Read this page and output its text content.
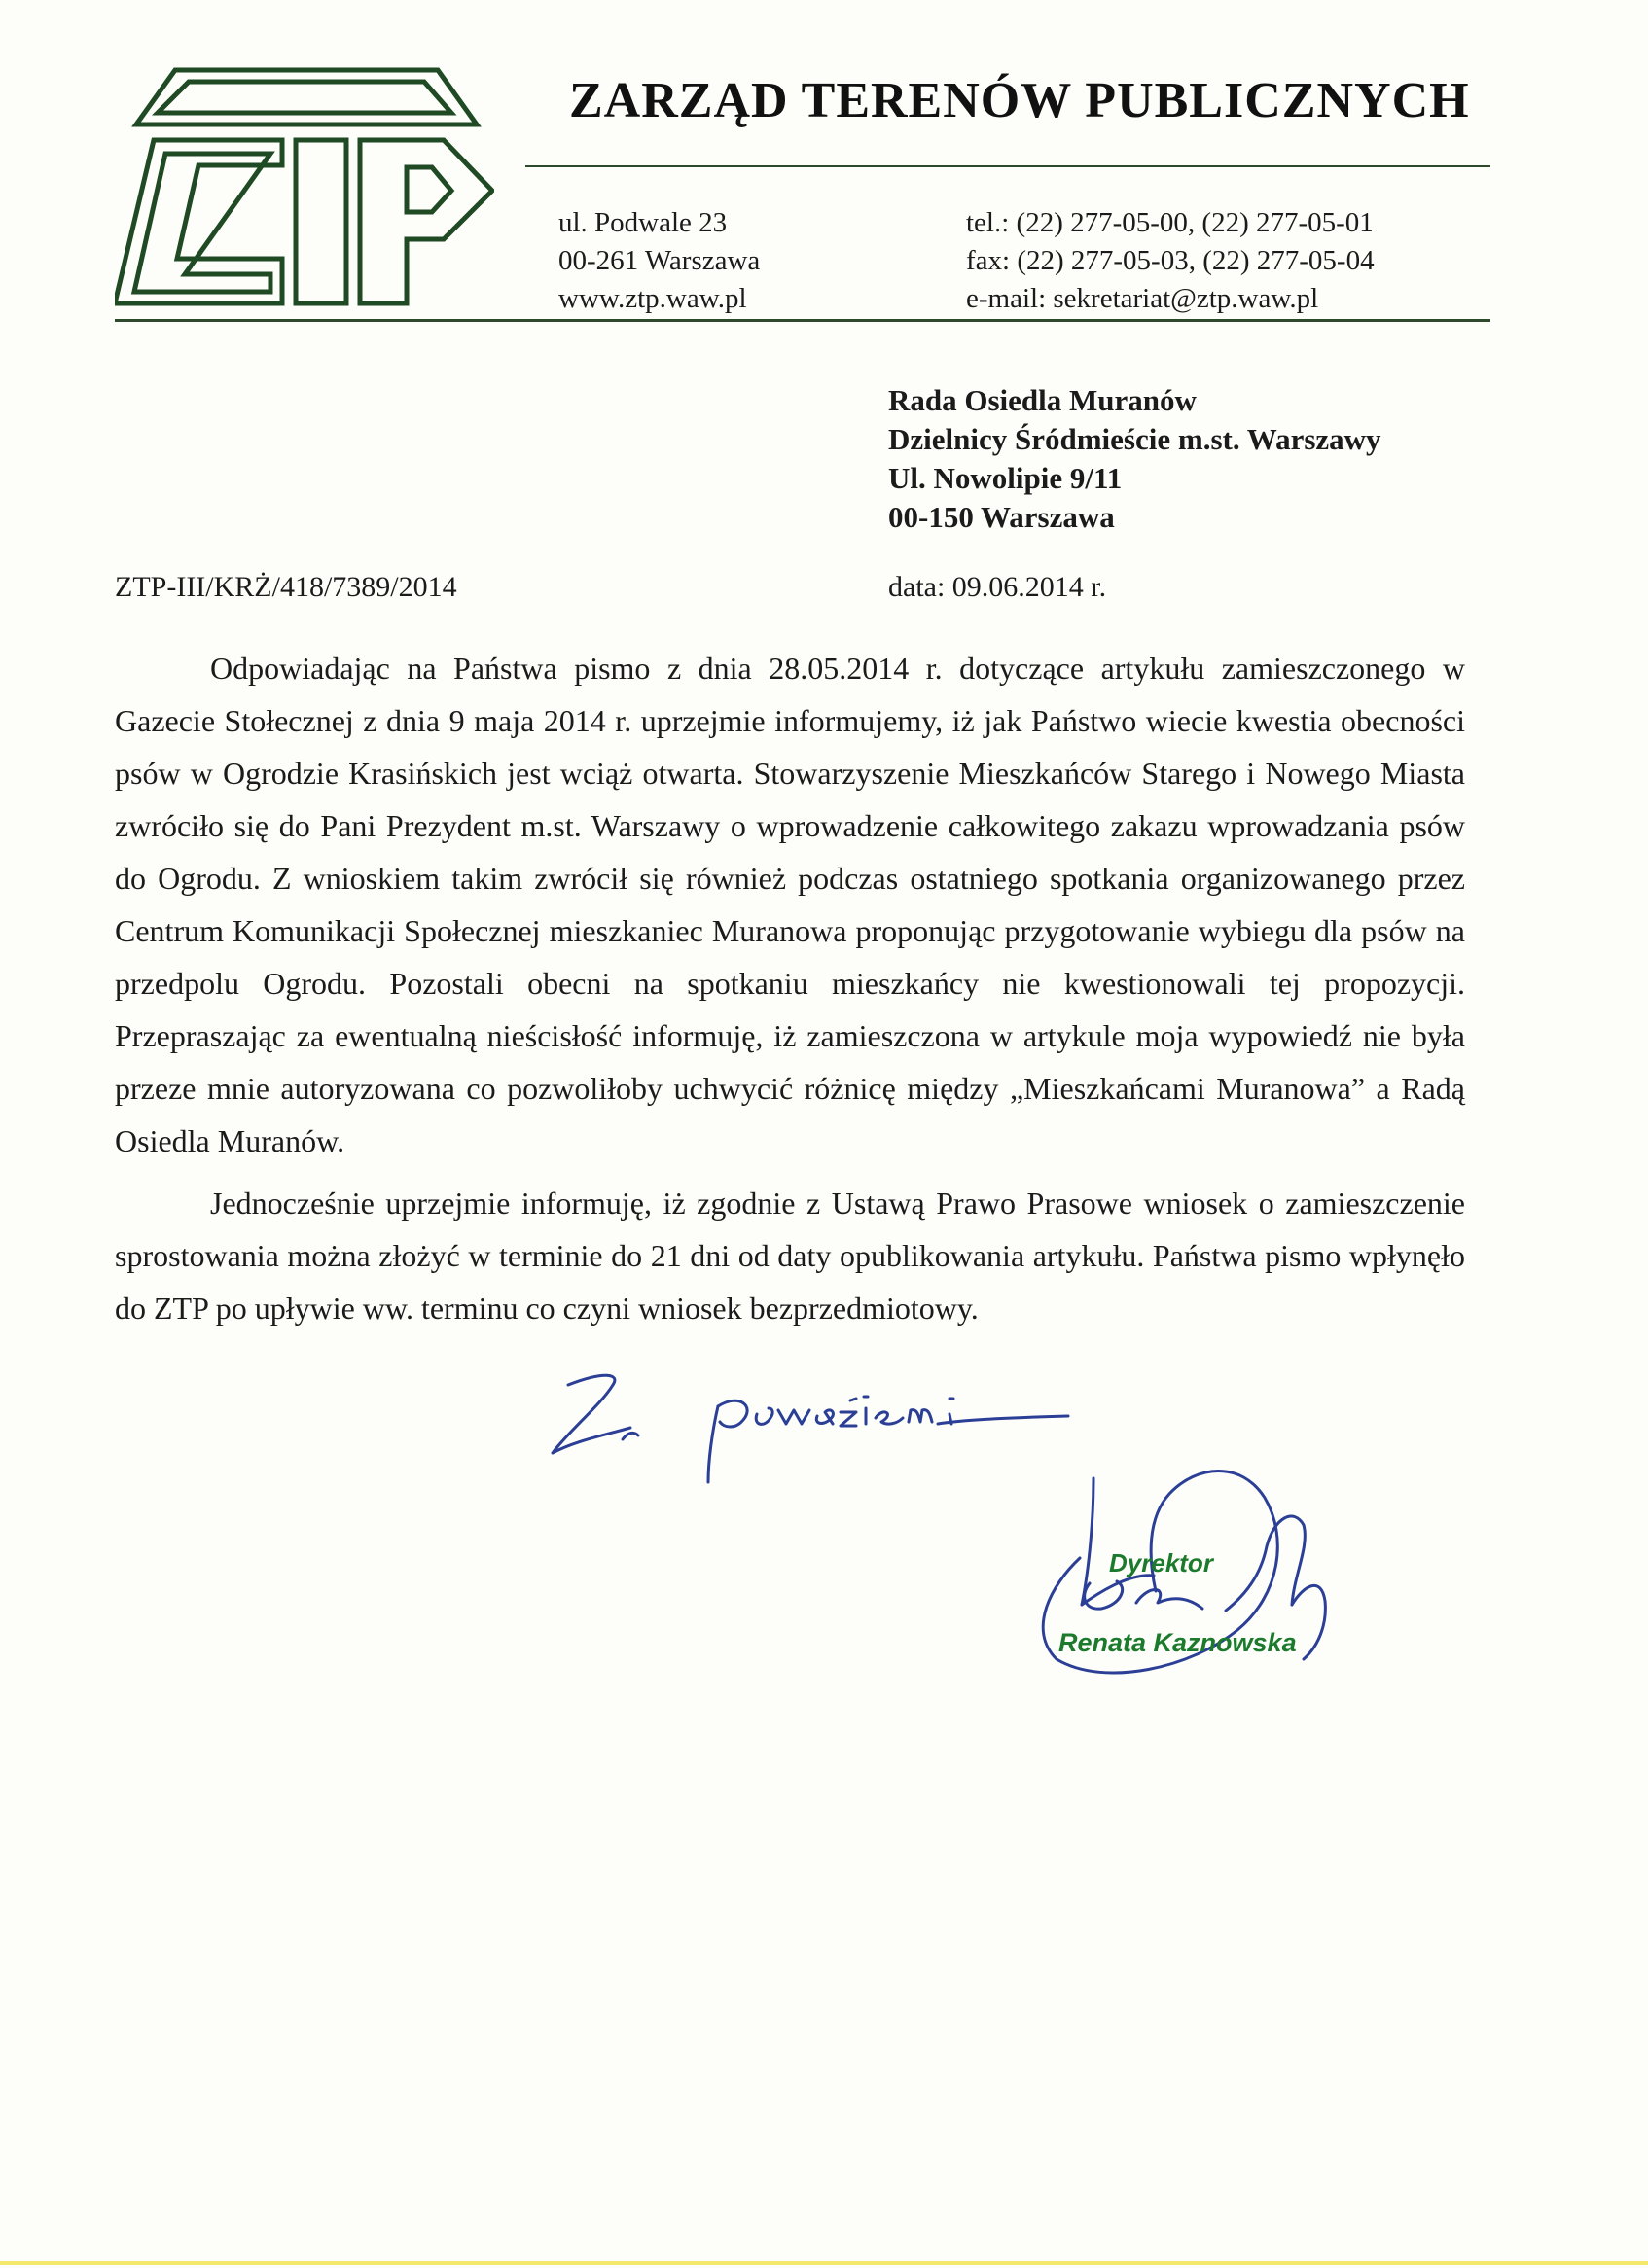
ZARZĄD TERENÓW PUBLICZNYCH
ul. Podwale 23
00-261 Warszawa
www.ztp.waw.pl
tel.: (22) 277-05-00, (22) 277-05-01
fax: (22) 277-05-03, (22) 277-05-04
e-mail: sekretariat@ztp.waw.pl
Rada Osiedla Muranów
Dzielnicy Śródmieście m.st. Warszawy
Ul. Nowolipie 9/11
00-150 Warszawa
ZTP-III/KRŻ/418/7389/2014	data: 09.06.2014 r.

Odpowiadając na Państwa pismo z dnia 28.05.2014 r. dotyczące artykułu zamieszczonego w Gazecie Stołecznej z dnia 9 maja 2014 r. uprzejmie informujemy, iż jak Państwo wiecie kwestia obecności psów w Ogrodzie Krasińskich jest wciąż otwarta. Stowarzyszenie Mieszkańców Starego i Nowego Miasta zwróciło się do Pani Prezydent m.st. Warszawy o wprowadzenie całkowitego zakazu wprowadzania psów do Ogrodu. Z wnioskiem takim zwrócił się również podczas ostatniego spotkania organizowanego przez Centrum Komunikacji Społecznej mieszkaniec Muranowa proponując przygotowanie wybiegu dla psów na przedpolu Ogrodu. Pozostali obecni na spotkaniu mieszkańcy nie kwestionowali tej propozycji. Przepraszając za ewentualną nieścisłość informuję, iż zamieszczona w artykule moja wypowiedź nie była przeze mnie autoryzowana co pozwoliłoby uchwycić różnicę między „Mieszkańcami Muranowa” a Radą Osiedla Muranów.

Jednocześnie uprzejmie informuję, iż zgodnie z Ustawą Prawo Prasowe wniosek o zamieszczenie sprostowania można złożyć w terminie do 21 dni od daty opublikowania artykułu. Państwa pismo wpłynęło do ZTP po upływie ww. terminu co czyni wniosek bezprzedmiotowy.

Dyrektor
Renata Kaznowska
